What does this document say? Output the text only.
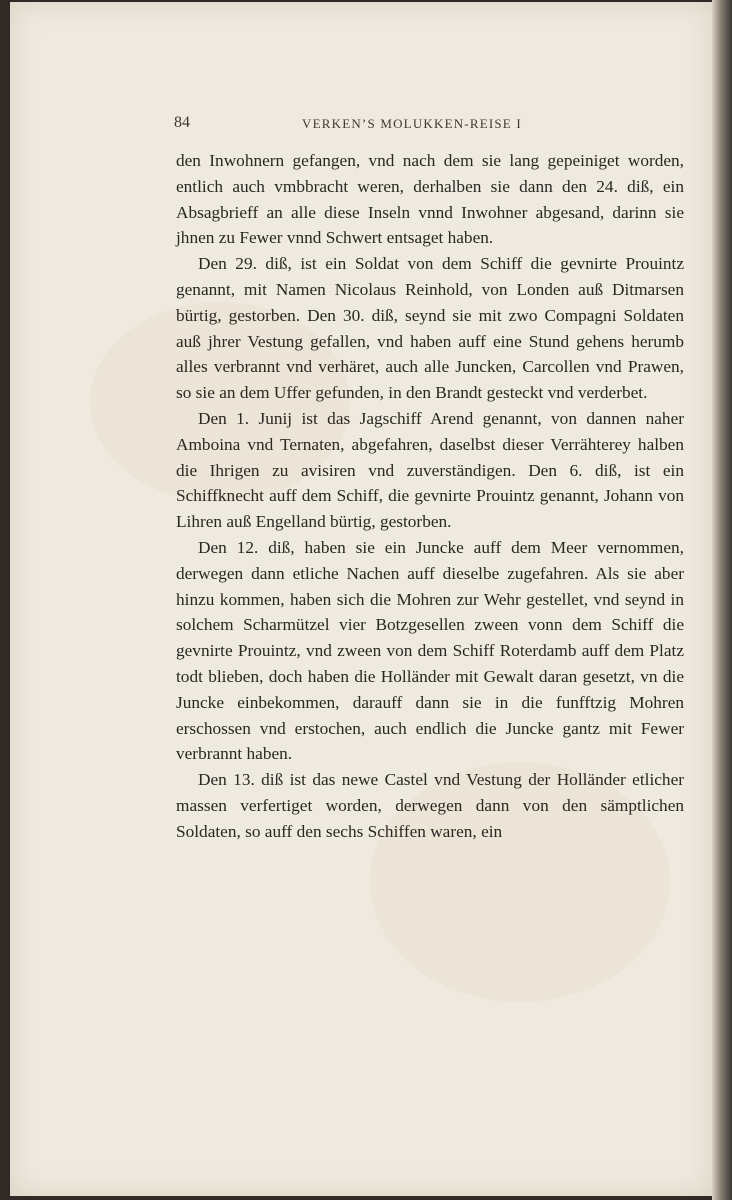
84	VERKEN’S MOLUKKEN-REISE I

den Inwohnern gefangen, vnd nach dem sie lang gepeiniget worden, entlich auch vmbbracht weren, derhalben sie dann den 24. diß, ein Absagbrieff an alle diese Inseln vnnd Inwohner abgesand, darinn sie jhnen zu Fewer vnnd Schwert entsaget haben.

Den 29. diß, ist ein Soldat von dem Schiff die gevnirte Prouintz genannt, mit Namen Nicolaus Reinhold, von Londen auß Ditmarsen bürtig, gestorben. Den 30. diß, seynd sie mit zwo Compagni Soldaten auß jhrer Vestung gefallen, vnd haben auff eine Stund gehens herumb alles verbrannt vnd verhäret, auch alle Juncken, Carcollen vnd Prawen, so sie an dem Uffer gefunden, in den Brandt gesteckt vnd verderbet.

Den 1. Junij ist das Jagschiff Arend genannt, von dannen naher Amboina vnd Ternaten, abgefahren, daselbst dieser Verrähterey halben die Ihrigen zu avisiren vnd zuverständigen. Den 6. diß, ist ein Schiffknecht auff dem Schiff, die gevnirte Prouintz genannt, Johann von Lihren auß Engelland bürtig, gestorben.

Den 12. diß, haben sie ein Juncke auff dem Meer vernommen, derwegen dann etliche Nachen auff dieselbe zugefahren. Als sie aber hinzu kommen, haben sich die Mohren zur Wehr gestellet, vnd seynd in solchem Scharmützel vier Botzgesellen zween vonn dem Schiff die gevnirte Prouintz, vnd zween von dem Schiff Roterdamb auff dem Platz todt blieben, doch haben die Holländer mit Gewalt daran gesetzt, vn die Juncke einbekommen, darauff dann sie in die funfftzig Mohren erschossen vnd erstochen, auch endlich die Juncke gantz mit Fewer verbrannt haben.

Den 13. diß ist das newe Castel vnd Vestung der Holländer etlicher massen verfertiget worden, derwegen dann von den sämptlichen Soldaten, so auff den sechs Schiffen waren, ein
